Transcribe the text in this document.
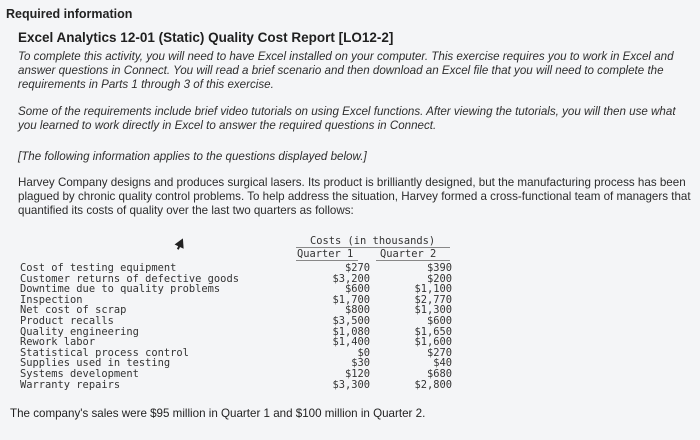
Required information
Excel Analytics 12-01 (Static) Quality Cost Report [LO12-2]
To complete this activity, you will need to have Excel installed on your computer. This exercise requires you to work in Excel and answer questions in Connect. You will read a brief scenario and then download an Excel file that you will need to complete the requirements in Parts 1 through 3 of this exercise.
Some of the requirements include brief video tutorials on using Excel functions. After viewing the tutorials, you will then use what you learned to work directly in Excel to answer the required questions in Connect.
[The following information applies to the questions displayed below.]
Harvey Company designs and produces surgical lasers. Its product is brilliantly designed, but the manufacturing process has been plagued by chronic quality control problems. To help address the situation, Harvey formed a cross-functional team of managers that quantified its costs of quality over the last two quarters as follows:
Costs (in thousands)
Quarter 1	Quarter 2
Cost of testing equipment	$270	$390
Customer returns of defective goods	$3,200	$200
Downtime due to quality problems	$600	$1,100
Inspection	$1,700	$2,770
Net cost of scrap	$800	$1,300
Product recalls	$3,500	$600
Quality engineering	$1,080	$1,650
Rework labor	$1,400	$1,600
Statistical process control	$0	$270
Supplies used in testing	$30	$40
Systems development	$120	$680
Warranty repairs	$3,300	$2,800
The company's sales were $95 million in Quarter 1 and $100 million in Quarter 2.
